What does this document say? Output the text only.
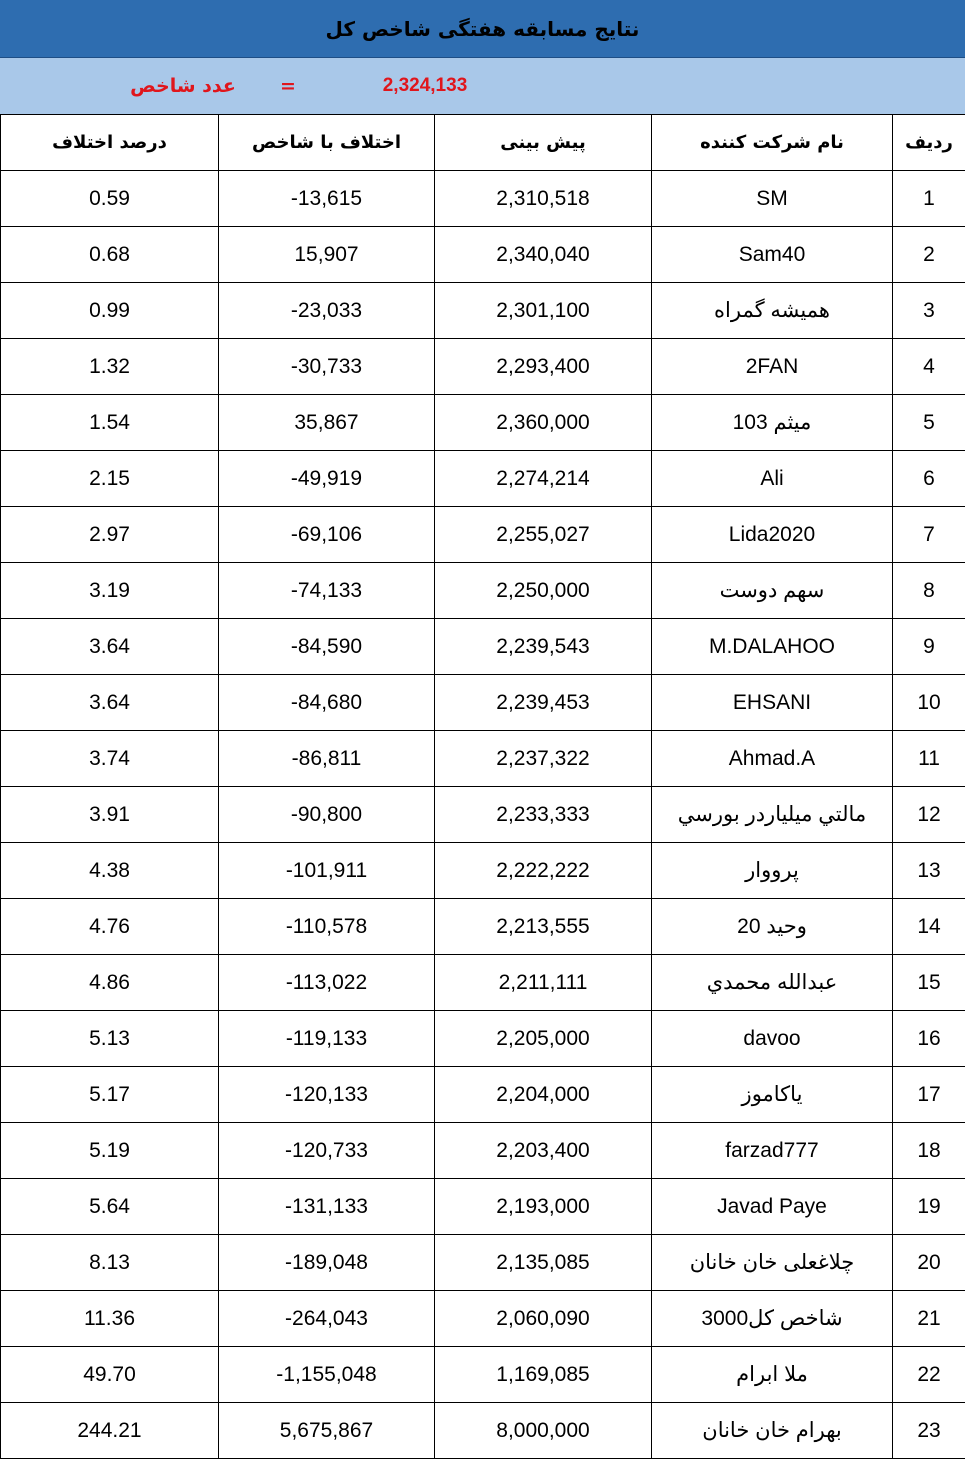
نتایج مسابقه هفتگی شاخص کل
عدد شاخص	=	2,324,133
درصد اختلاف	اختلاف با شاخص	پیش بینی	نام شرکت کننده	ردیف
0.59	-13,615	2,310,518	SM	1
0.68	15,907	2,340,040	Sam40	2
0.99	-23,033	2,301,100	همیشه گمراه	3
1.32	-30,733	2,293,400	2FAN	4
1.54	35,867	2,360,000	میثم 103	5
2.15	-49,919	2,274,214	Ali	6
2.97	-69,106	2,255,027	Lida2020	7
3.19	-74,133	2,250,000	سهم دوست	8
3.64	-84,590	2,239,543	M.DALAHOO	9
3.64	-84,680	2,239,453	EHSANI	10
3.74	-86,811	2,237,322	Ahmad.A	11
3.91	-90,800	2,233,333	مالتي ميلياردر بورسي	12
4.38	-101,911	2,222,222	پرووار	13
4.76	-110,578	2,213,555	وحید 20	14
4.86	-113,022	2,211,111	عبدالله محمدي	15
5.13	-119,133	2,205,000	davoo	16
5.17	-120,133	2,204,000	یاکاموز	17
5.19	-120,733	2,203,400	farzad777	18
5.64	-131,133	2,193,000	Javad Paye	19
8.13	-189,048	2,135,085	چلاغعلی خان خانان	20
11.36	-264,043	2,060,090	شاخص کل3000	21
49.70	-1,155,048	1,169,085	ملا ابرام	22
244.21	5,675,867	8,000,000	بهرام خان خانان	23
